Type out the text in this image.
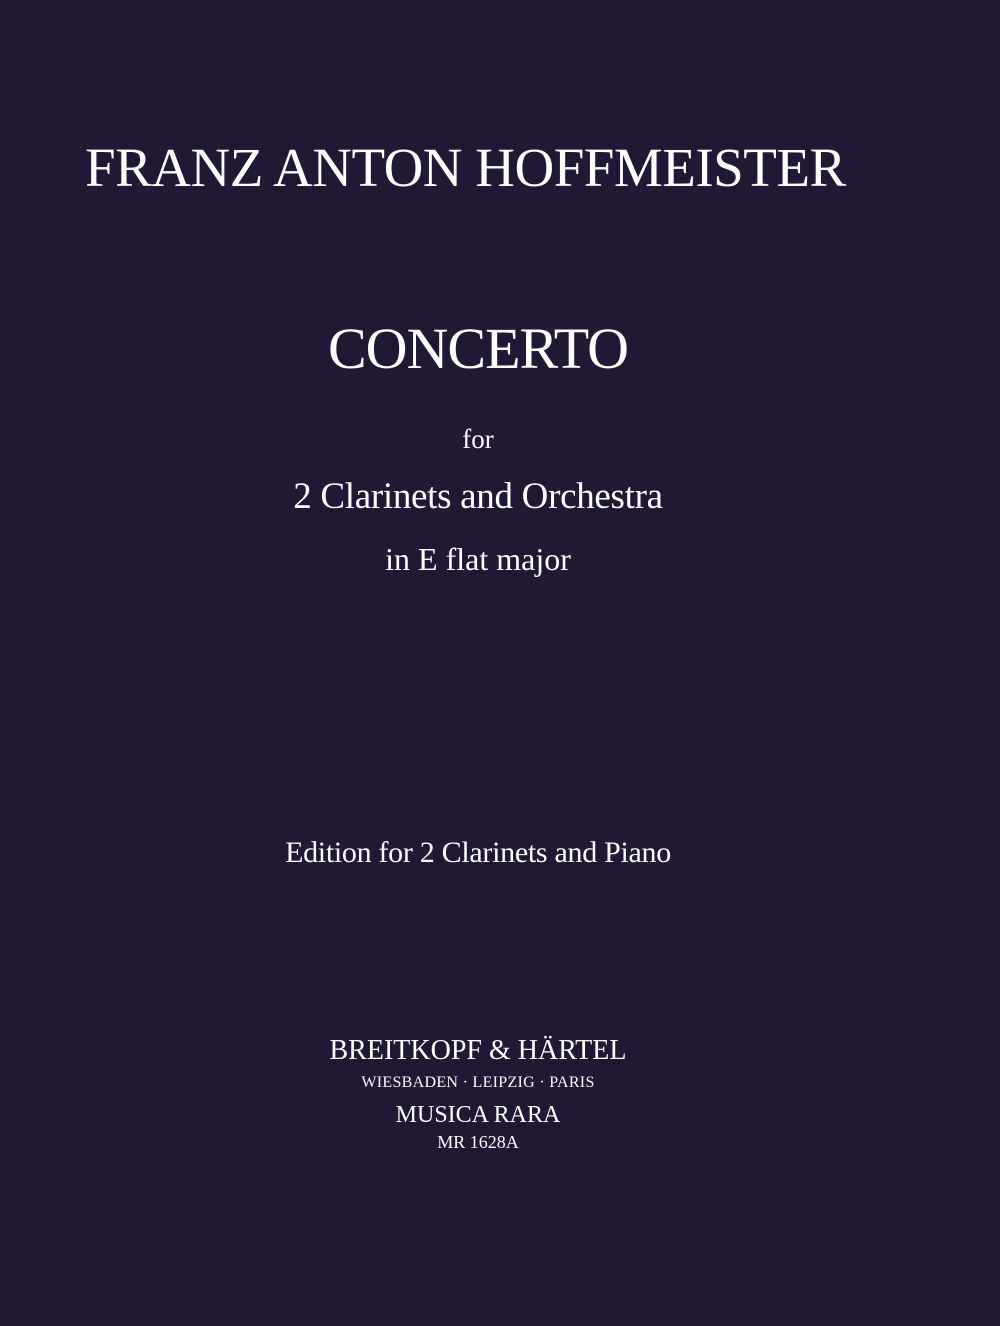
FRANZ ANTON HOFFMEISTER
CONCERTO
for
2 Clarinets and Orchestra
in E flat major
Edition for 2 Clarinets and Piano
BREITKOPF & HÄRTEL
WIESBADEN · LEIPZIG · PARIS
MUSICA RARA
MR 1628A
